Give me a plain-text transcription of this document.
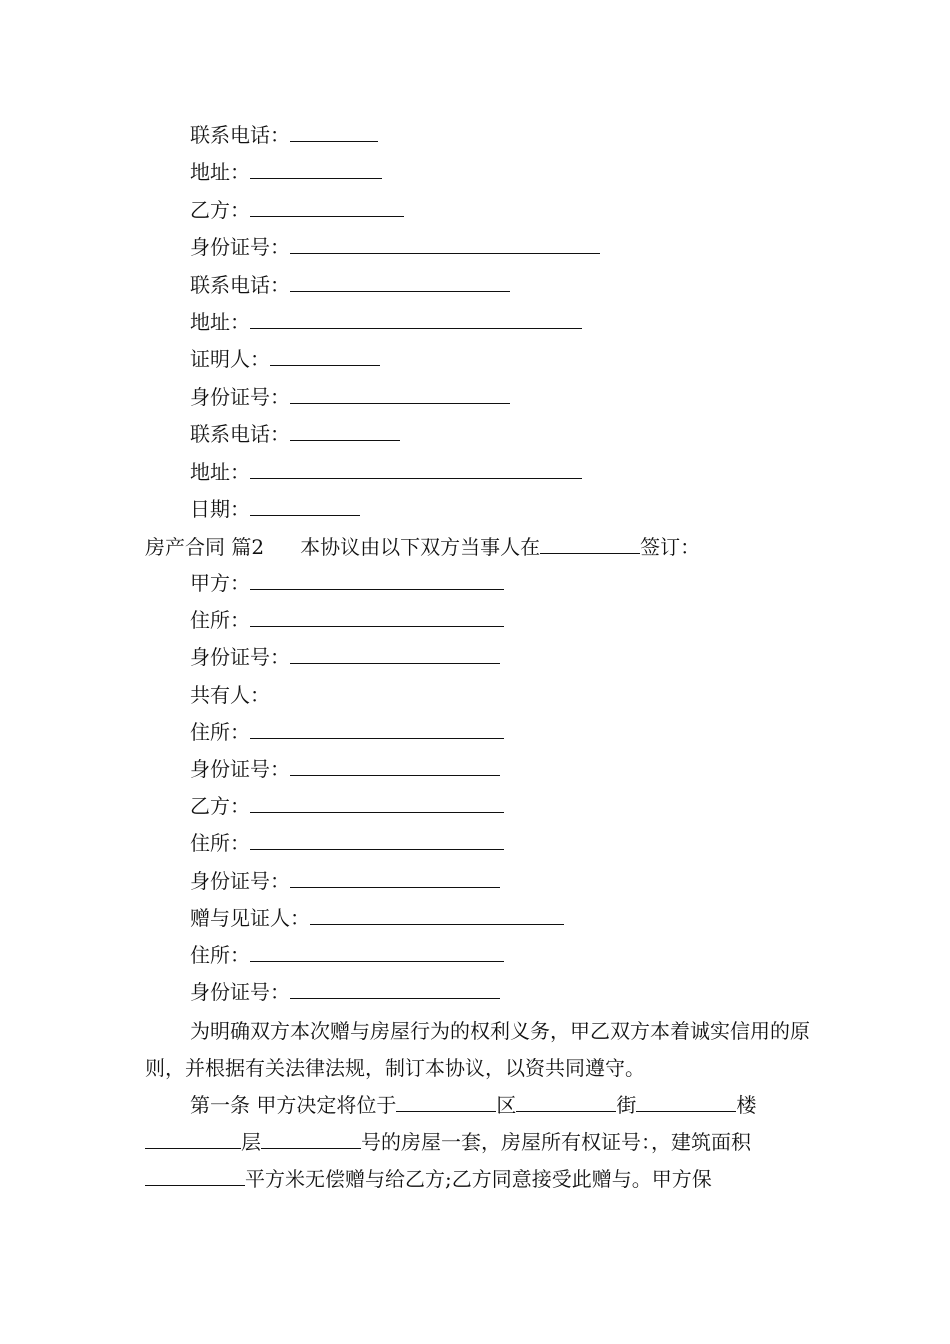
联系电话：
地址：
乙方：
身份证号：
联系电话：
地址：
证明人：
身份证号：
联系电话：
地址：
日期：
房产合同 篇2 本协议由以下双方当事人在	签订：
甲方：
住所：
身份证号：
共有人：
住所：
身份证号：
乙方：
住所：
身份证号：
赠与见证人：
住所：
身份证号：
为明确双方本次赠与房屋行为的权利义务，甲乙双方本着诚实信用的原则，并根据有关法律法规，制订本协议，以资共同遵守。
第一条 甲方决定将位于	区	街	楼层	号的房屋一套，房屋所有权证号：，建筑面积平方米无偿赠与给乙方;乙方同意接受此赠与。甲方保
